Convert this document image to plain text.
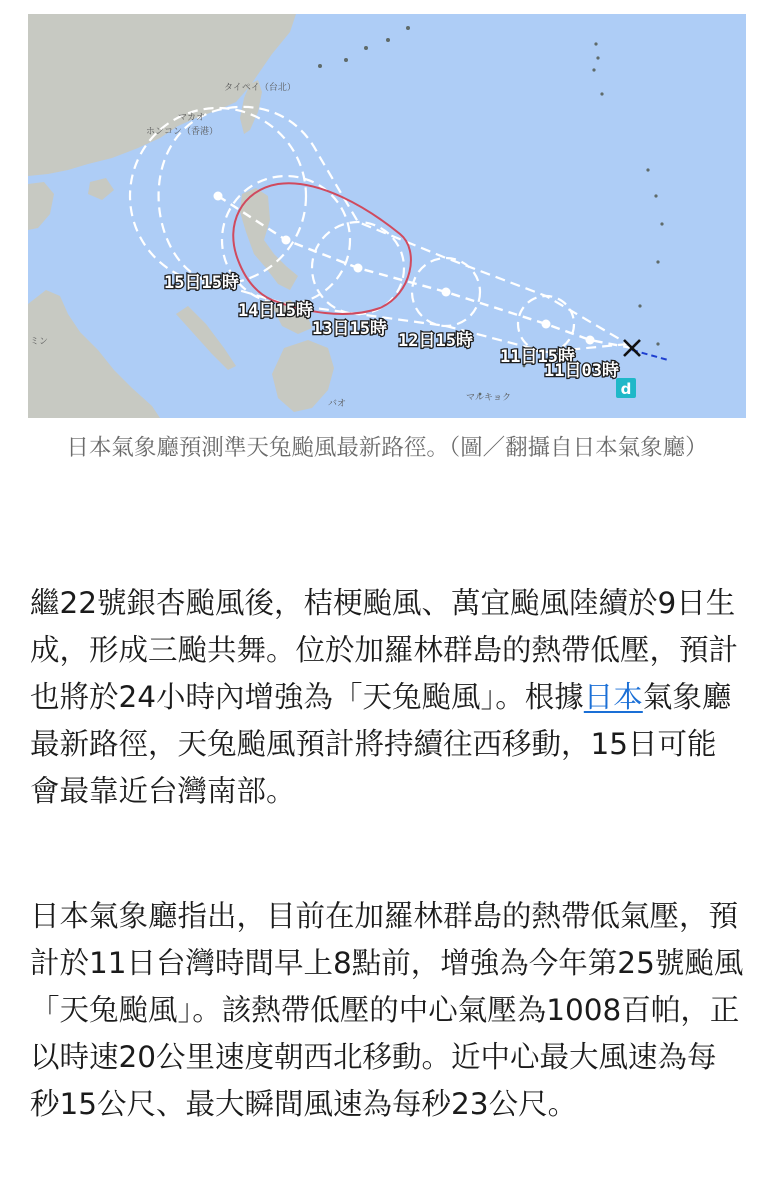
d
15日15時
14日15時
13日15時
12日15時
11日15時
11日03時
タイペイ（台北）
ホンコン（香港）
マカオ
ミン
バオ
マルキョク
日本氣象廳預測準天兔颱風最新路徑。（圖／翻攝自日本氣象廳）

繼22號銀杏颱風後，桔梗颱風、萬宜颱風陸續於9日生成，形成三颱共舞。位於加羅林群島的熱帶低壓，預計也將於24小時內增強為「天兔颱風」。根據日本氣象廳最新路徑，天兔颱風預計將持續往西移動，15日可能會最靠近台灣南部。

日本氣象廳指出，目前在加羅林群島的熱帶低氣壓，預計於11日台灣時間早上8點前，增強為今年第25號颱風「天兔颱風」。該熱帶低壓的中心氣壓為1008百帕，正以時速20公里速度朝西北移動。近中心最大風速為每秒15公尺、最大瞬間風速為每秒23公尺。
